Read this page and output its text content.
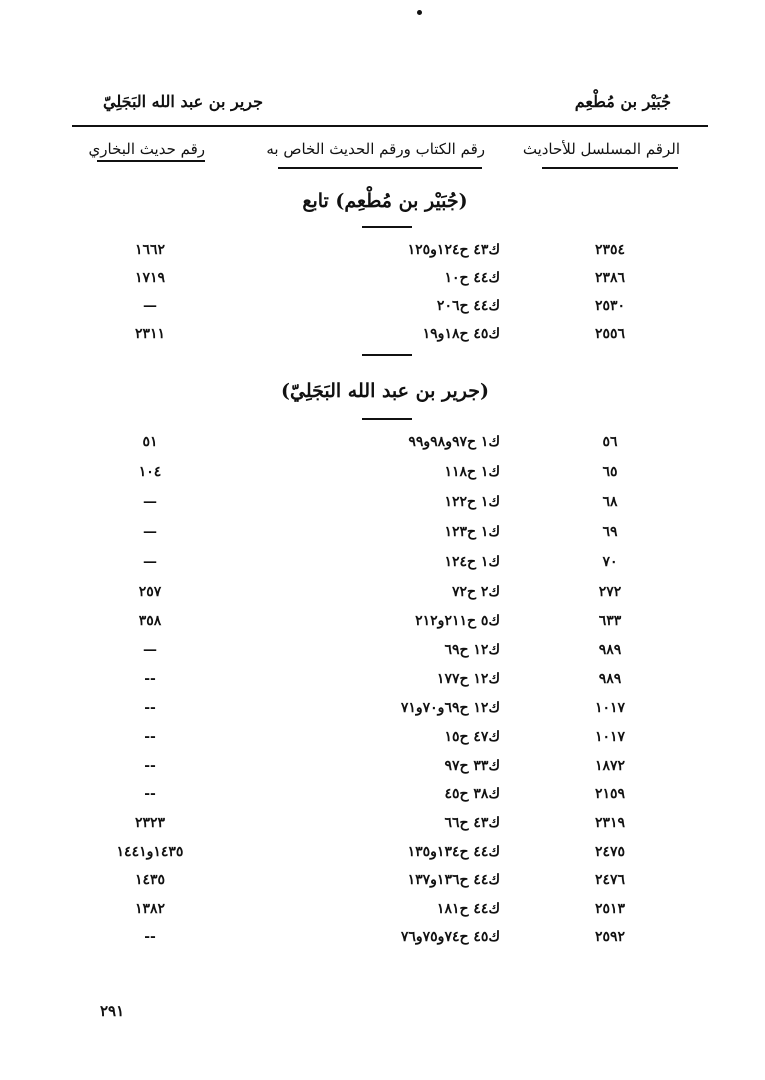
جُبَيْر بن مُطْعِم
جرير بن عبد الله البَجَلِيّ
الرقم المسلسل للأحاديث
رقم الكتاب ورقم الحديث الخاص به
رقم حديث البخاري
(جُبَيْر بن مُطْعِم) تابع
٢٣٥٤
ك٤٣ ح١٢٤و١٢٥
١٦٦٢
٢٣٨٦
ك٤٤ ح١٠
١٧١٩
٢٥٣٠
ك٤٤ ح٢٠٦
—
٢٥٥٦
ك٤٥ ح١٨و١٩
٢٣١١
(جرير بن عبد الله البَجَلِيّ)
٥٦
ك١ ح٩٧و٩٨و٩٩
٥١
٦٥
ك١ ح١١٨
١٠٤
٦٨
ك١ ح١٢٢
—
٦٩
ك١ ح١٢٣
—
٧٠
ك١ ح١٢٤
—
٢٧٢
ك٢ ح٧٢
٢٥٧
٦٣٣
ك٥ ح٢١١و٢١٢
٣٥٨
٩٨٩
ك١٢ ح٦٩
—
٩٨٩
ك١٢ ح١٧٧
--
١٠١٧
ك١٢ ح٦٩و٧٠و٧١
--
١٠١٧
ك٤٧ ح١٥
--
١٨٧٢
ك٣٣ ح٩٧
--
٢١٥٩
ك٣٨ ح٤٥
--
٢٣١٩
ك٤٣ ح٦٦
٢٣٢٣
٢٤٧٥
ك٤٤ ح١٣٤و١٣٥
١٤٣٥و١٤٤١
٢٤٧٦
ك٤٤ ح١٣٦و١٣٧
١٤٣٥
٢٥١٣
ك٤٤ ح١٨١
١٣٨٢
٢٥٩٢
ك٤٥ ح٧٤و٧٥و٧٦
--
٢٩١
